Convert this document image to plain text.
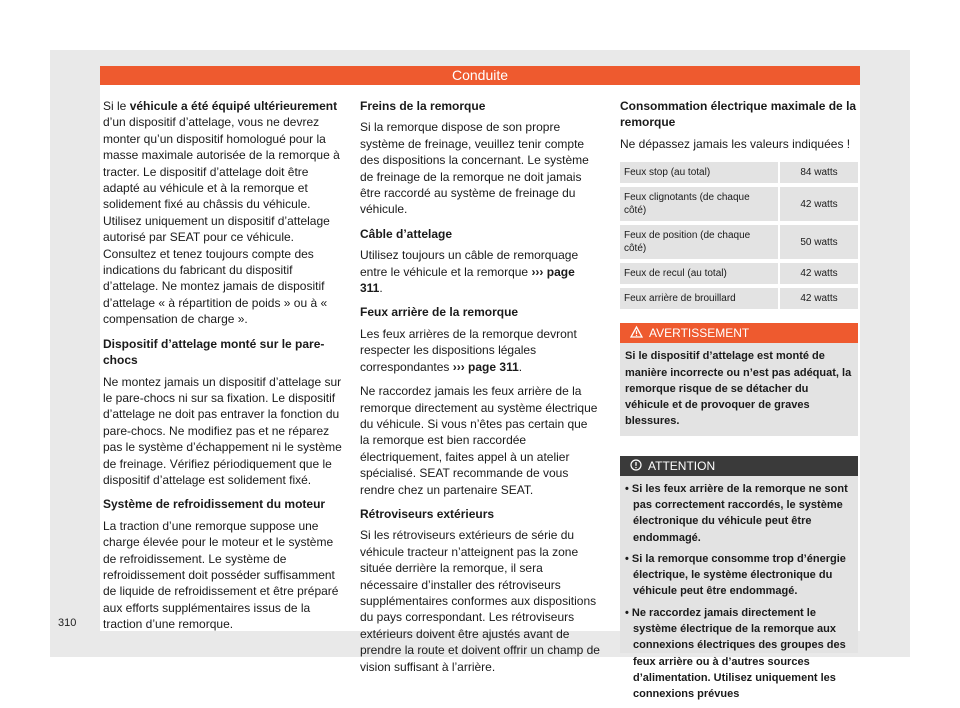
Conduite
310

Si le véhicule a été équipé ultérieurement d’un dispositif d’attelage, vous ne devrez monter qu’un dispositif homologué pour la masse maximale autorisée de la remorque à tracter. Le dispositif d’attelage doit être adapté au véhicule et à la remorque et solidement fixé au châssis du véhicule. Utilisez uniquement un dispositif d’attelage autorisé par SEAT pour ce véhicule. Consultez et tenez toujours compte des indications du fabricant du dispositif d’attelage. Ne montez jamais de dispositif d’attelage « à répartition de poids » ou à « compensation de charge ».

Dispositif d’attelage monté sur le pare-chocs

Ne montez jamais un dispositif d’attelage sur le pare-chocs ni sur sa fixation. Le dispositif d’attelage ne doit pas entraver la fonction du pare-chocs. Ne modifiez pas et ne réparez pas le système d’échappement ni le système de freinage. Vérifiez périodiquement que le dispositif d’attelage est solidement fixé.

Système de refroidissement du moteur

La traction d’une remorque suppose une charge élevée pour le moteur et le système de refroidissement. Le système de refroidissement doit posséder suffisamment de liquide de refroidissement et être préparé aux efforts supplémentaires issus de la traction d’une remorque.

Freins de la remorque

Si la remorque dispose de son propre système de freinage, veuillez tenir compte des dispositions la concernant. Le système de freinage de la remorque ne doit jamais être raccordé au système de freinage du véhicule.

Câble d’attelage

Utilisez toujours un câble de remorquage entre le véhicule et la remorque ››› page 311.

Feux arrière de la remorque

Les feux arrières de la remorque devront respecter les dispositions légales correspondantes ››› page 311.

Ne raccordez jamais les feux arrière de la remorque directement au système électrique du véhicule. Si vous n’êtes pas certain que la remorque est bien raccordée électriquement, faites appel à un atelier spécialisé. SEAT recommande de vous rendre chez un partenaire SEAT.

Rétroviseurs extérieurs

Si les rétroviseurs extérieurs de série du véhicule tracteur n’atteignent pas la zone située derrière la remorque, il sera nécessaire d’installer des rétroviseurs supplémentaires conformes aux dispositions du pays correspondant. Les rétroviseurs extérieurs doivent être ajustés avant de prendre la route et doivent offrir un champ de vision suffisant à l’arrière.

Consommation électrique maximale de la remorque

Ne dépassez jamais les valeurs indiquées !

Feux stop (au total)	84 watts
Feux clignotants (de chaque côté)	42 watts
Feux de position (de chaque côté)	50 watts
Feux de recul (au total)	42 watts
Feux arrière de brouillard	42 watts
AVERTISSEMENT
Si le dispositif d’attelage est monté de manière incorrecte ou n’est pas adéquat, la remorque risque de se détacher du véhicule et de provoquer de graves blessures.
ATTENTION

• Si les feux arrière de la remorque ne sont pas correctement raccordés, le système électronique du véhicule peut être endommagé.

• Si la remorque consomme trop d’énergie électrique, le système électronique du véhicule peut être endommagé.

• Ne raccordez jamais directement le système électrique de la remorque aux connexions électriques des groupes des feux arrière ou à d’autres sources d’alimentation. Utilisez uniquement les connexions prévues
